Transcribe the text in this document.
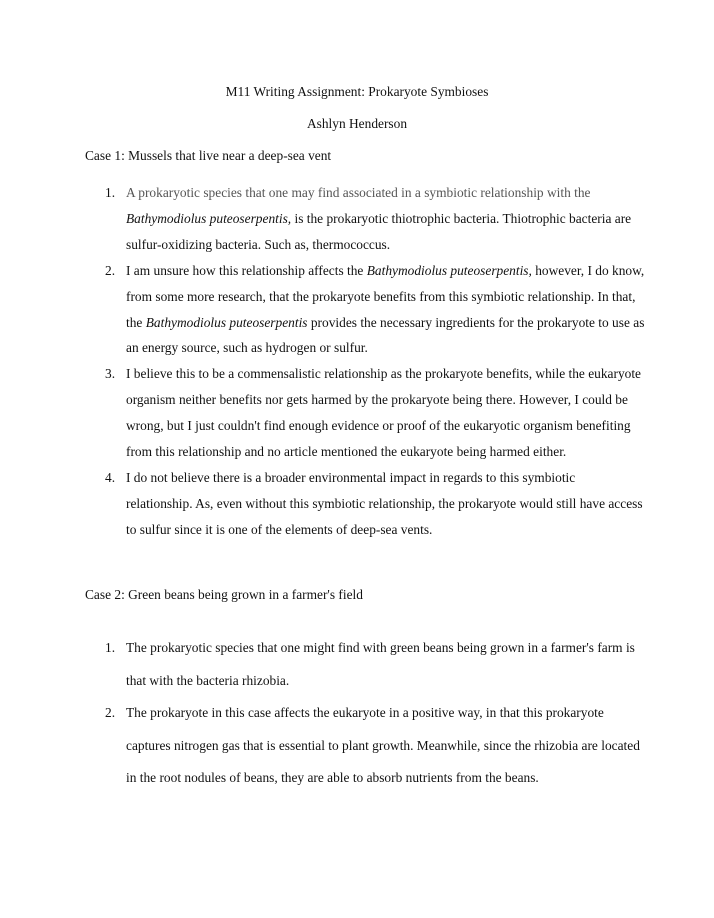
M11 Writing Assignment: Prokaryote Symbioses
Ashlyn Henderson
Case 1: Mussels that live near a deep-sea vent
1. A prokaryotic species that one may find associated in a symbiotic relationship with the Bathymodiolus puteoserpentis, is the prokaryotic thiotrophic bacteria. Thiotrophic bacteria are sulfur-oxidizing bacteria. Such as, thermococcus.
2. I am unsure how this relationship affects the Bathymodiolus puteoserpentis, however, I do know, from some more research, that the prokaryote benefits from this symbiotic relationship. In that, the Bathymodiolus puteoserpentis provides the necessary ingredients for the prokaryote to use as an energy source, such as hydrogen or sulfur.
3. I believe this to be a commensalistic relationship as the prokaryote benefits, while the eukaryote organism neither benefits nor gets harmed by the prokaryote being there. However, I could be wrong, but I just couldn't find enough evidence or proof of the eukaryotic organism benefiting from this relationship and no article mentioned the eukaryote being harmed either.
4. I do not believe there is a broader environmental impact in regards to this symbiotic relationship. As, even without this symbiotic relationship, the prokaryote would still have access to sulfur since it is one of the elements of deep-sea vents.
Case 2: Green beans being grown in a farmer's field
1. The prokaryotic species that one might find with green beans being grown in a farmer's farm is that with the bacteria rhizobia.
2. The prokaryote in this case affects the eukaryote in a positive way, in that this prokaryote captures nitrogen gas that is essential to plant growth. Meanwhile, since the rhizobia are located in the root nodules of beans, they are able to absorb nutrients from the beans.
